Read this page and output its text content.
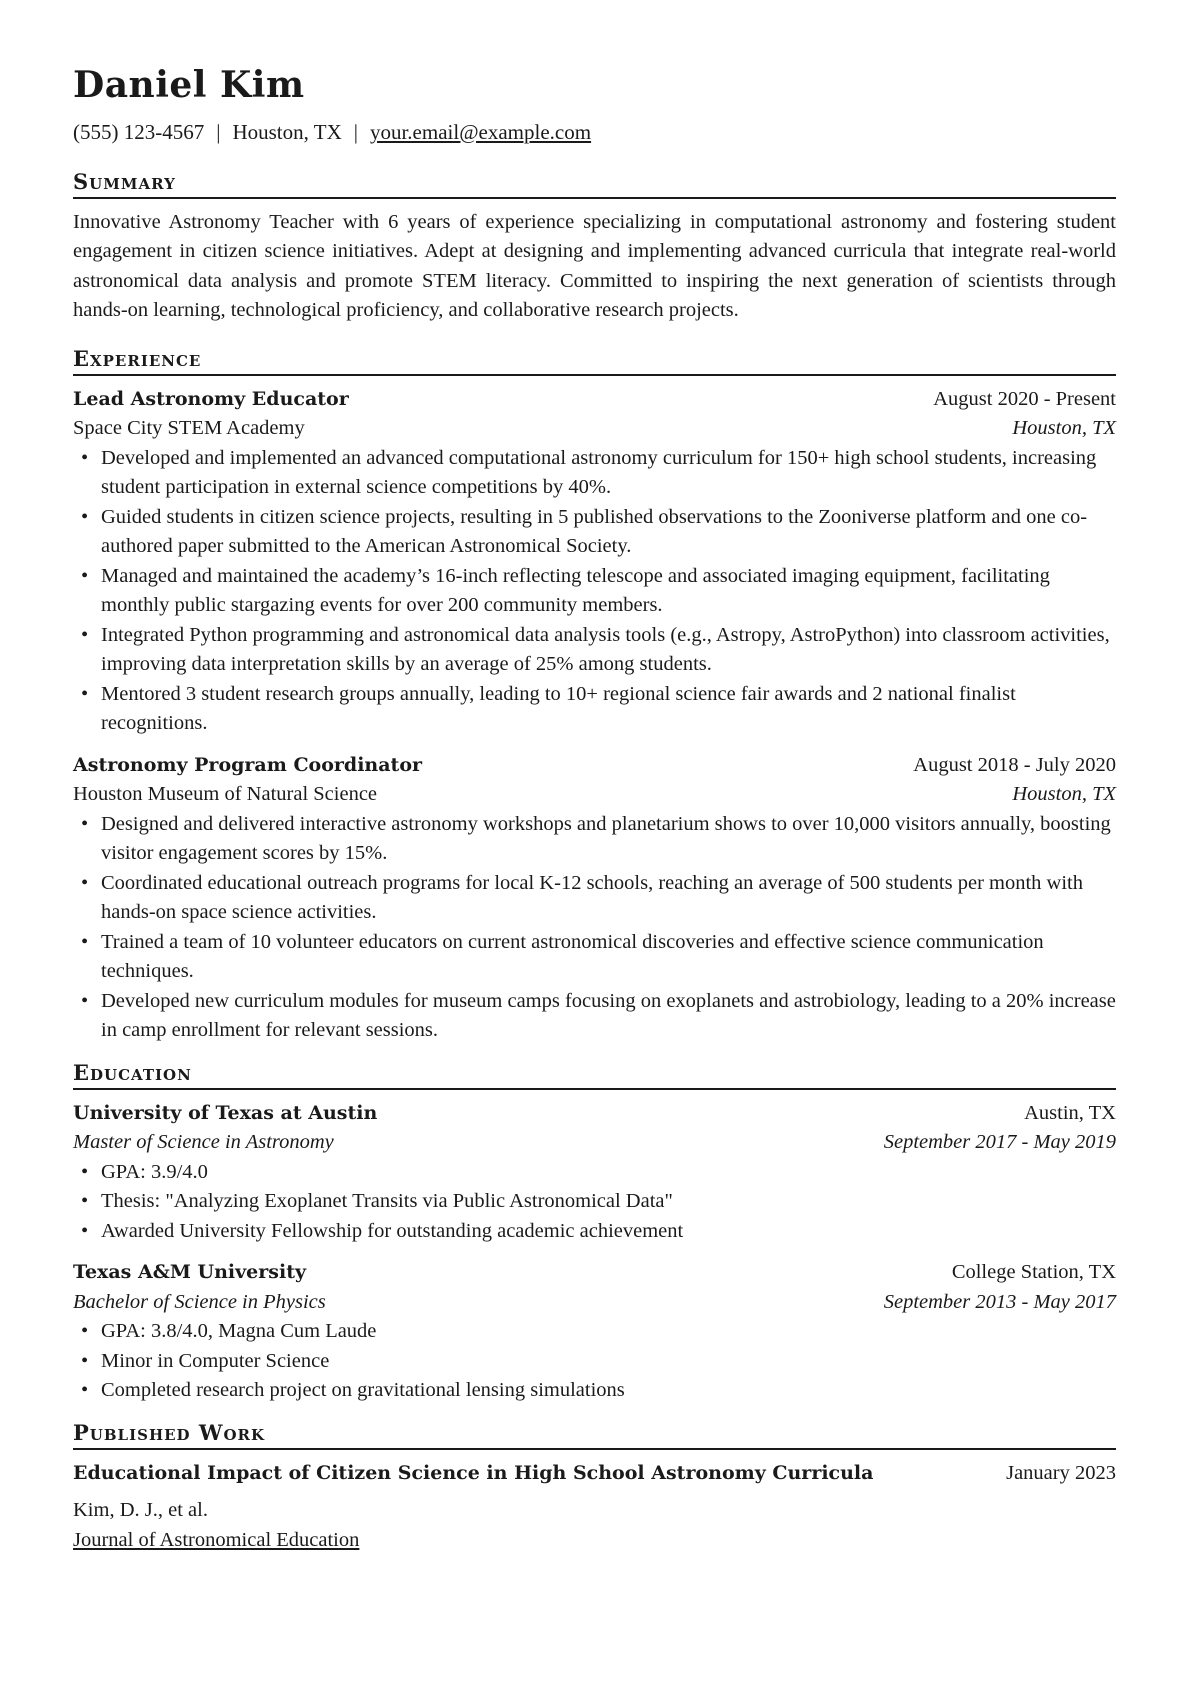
Daniel Kim
(555) 123-4567 | Houston, TX | your.email@example.com
Summary
Innovative Astronomy Teacher with 6 years of experience specializing in computational astronomy and fostering student engagement in citizen science initiatives. Adept at designing and implementing advanced curricula that integrate real-world astronomical data analysis and promote STEM literacy. Committed to inspiring the next generation of scientists through hands-on learning, technological proficiency, and collaborative research projects.
Experience
Lead Astronomy Educator	August 2020 - Present
Space City STEM Academy	Houston, TX
• Developed and implemented an advanced computational astronomy curriculum for 150+ high school students, increasing student participation in external science competitions by 40%.
• Guided students in citizen science projects, resulting in 5 published observations to the Zooniverse platform and one co-authored paper submitted to the American Astronomical Society.
• Managed and maintained the academy’s 16-inch reflecting telescope and associated imaging equipment, facilitating monthly public stargazing events for over 200 community members.
• Integrated Python programming and astronomical data analysis tools (e.g., Astropy, AstroPython) into classroom activities, improving data interpretation skills by an average of 25% among students.
• Mentored 3 student research groups annually, leading to 10+ regional science fair awards and 2 national finalist recognitions.
Astronomy Program Coordinator	August 2018 - July 2020
Houston Museum of Natural Science	Houston, TX
• Designed and delivered interactive astronomy workshops and planetarium shows to over 10,000 visitors annually, boosting visitor engagement scores by 15%.
• Coordinated educational outreach programs for local K-12 schools, reaching an average of 500 students per month with hands-on space science activities.
• Trained a team of 10 volunteer educators on current astronomical discoveries and effective science communication techniques.
• Developed new curriculum modules for museum camps focusing on exoplanets and astrobiology, leading to a 20% increase in camp enrollment for relevant sessions.
Education
University of Texas at Austin	Austin, TX
Master of Science in Astronomy	September 2017 - May 2019
• GPA: 3.9/4.0
• Thesis: "Analyzing Exoplanet Transits via Public Astronomical Data"
• Awarded University Fellowship for outstanding academic achievement
Texas A&M University	College Station, TX
Bachelor of Science in Physics	September 2013 - May 2017
• GPA: 3.8/4.0, Magna Cum Laude
• Minor in Computer Science
• Completed research project on gravitational lensing simulations
Published Work
Educational Impact of Citizen Science in High School Astronomy Curricula	January 2023
Kim, D. J., et al.
Journal of Astronomical Education
